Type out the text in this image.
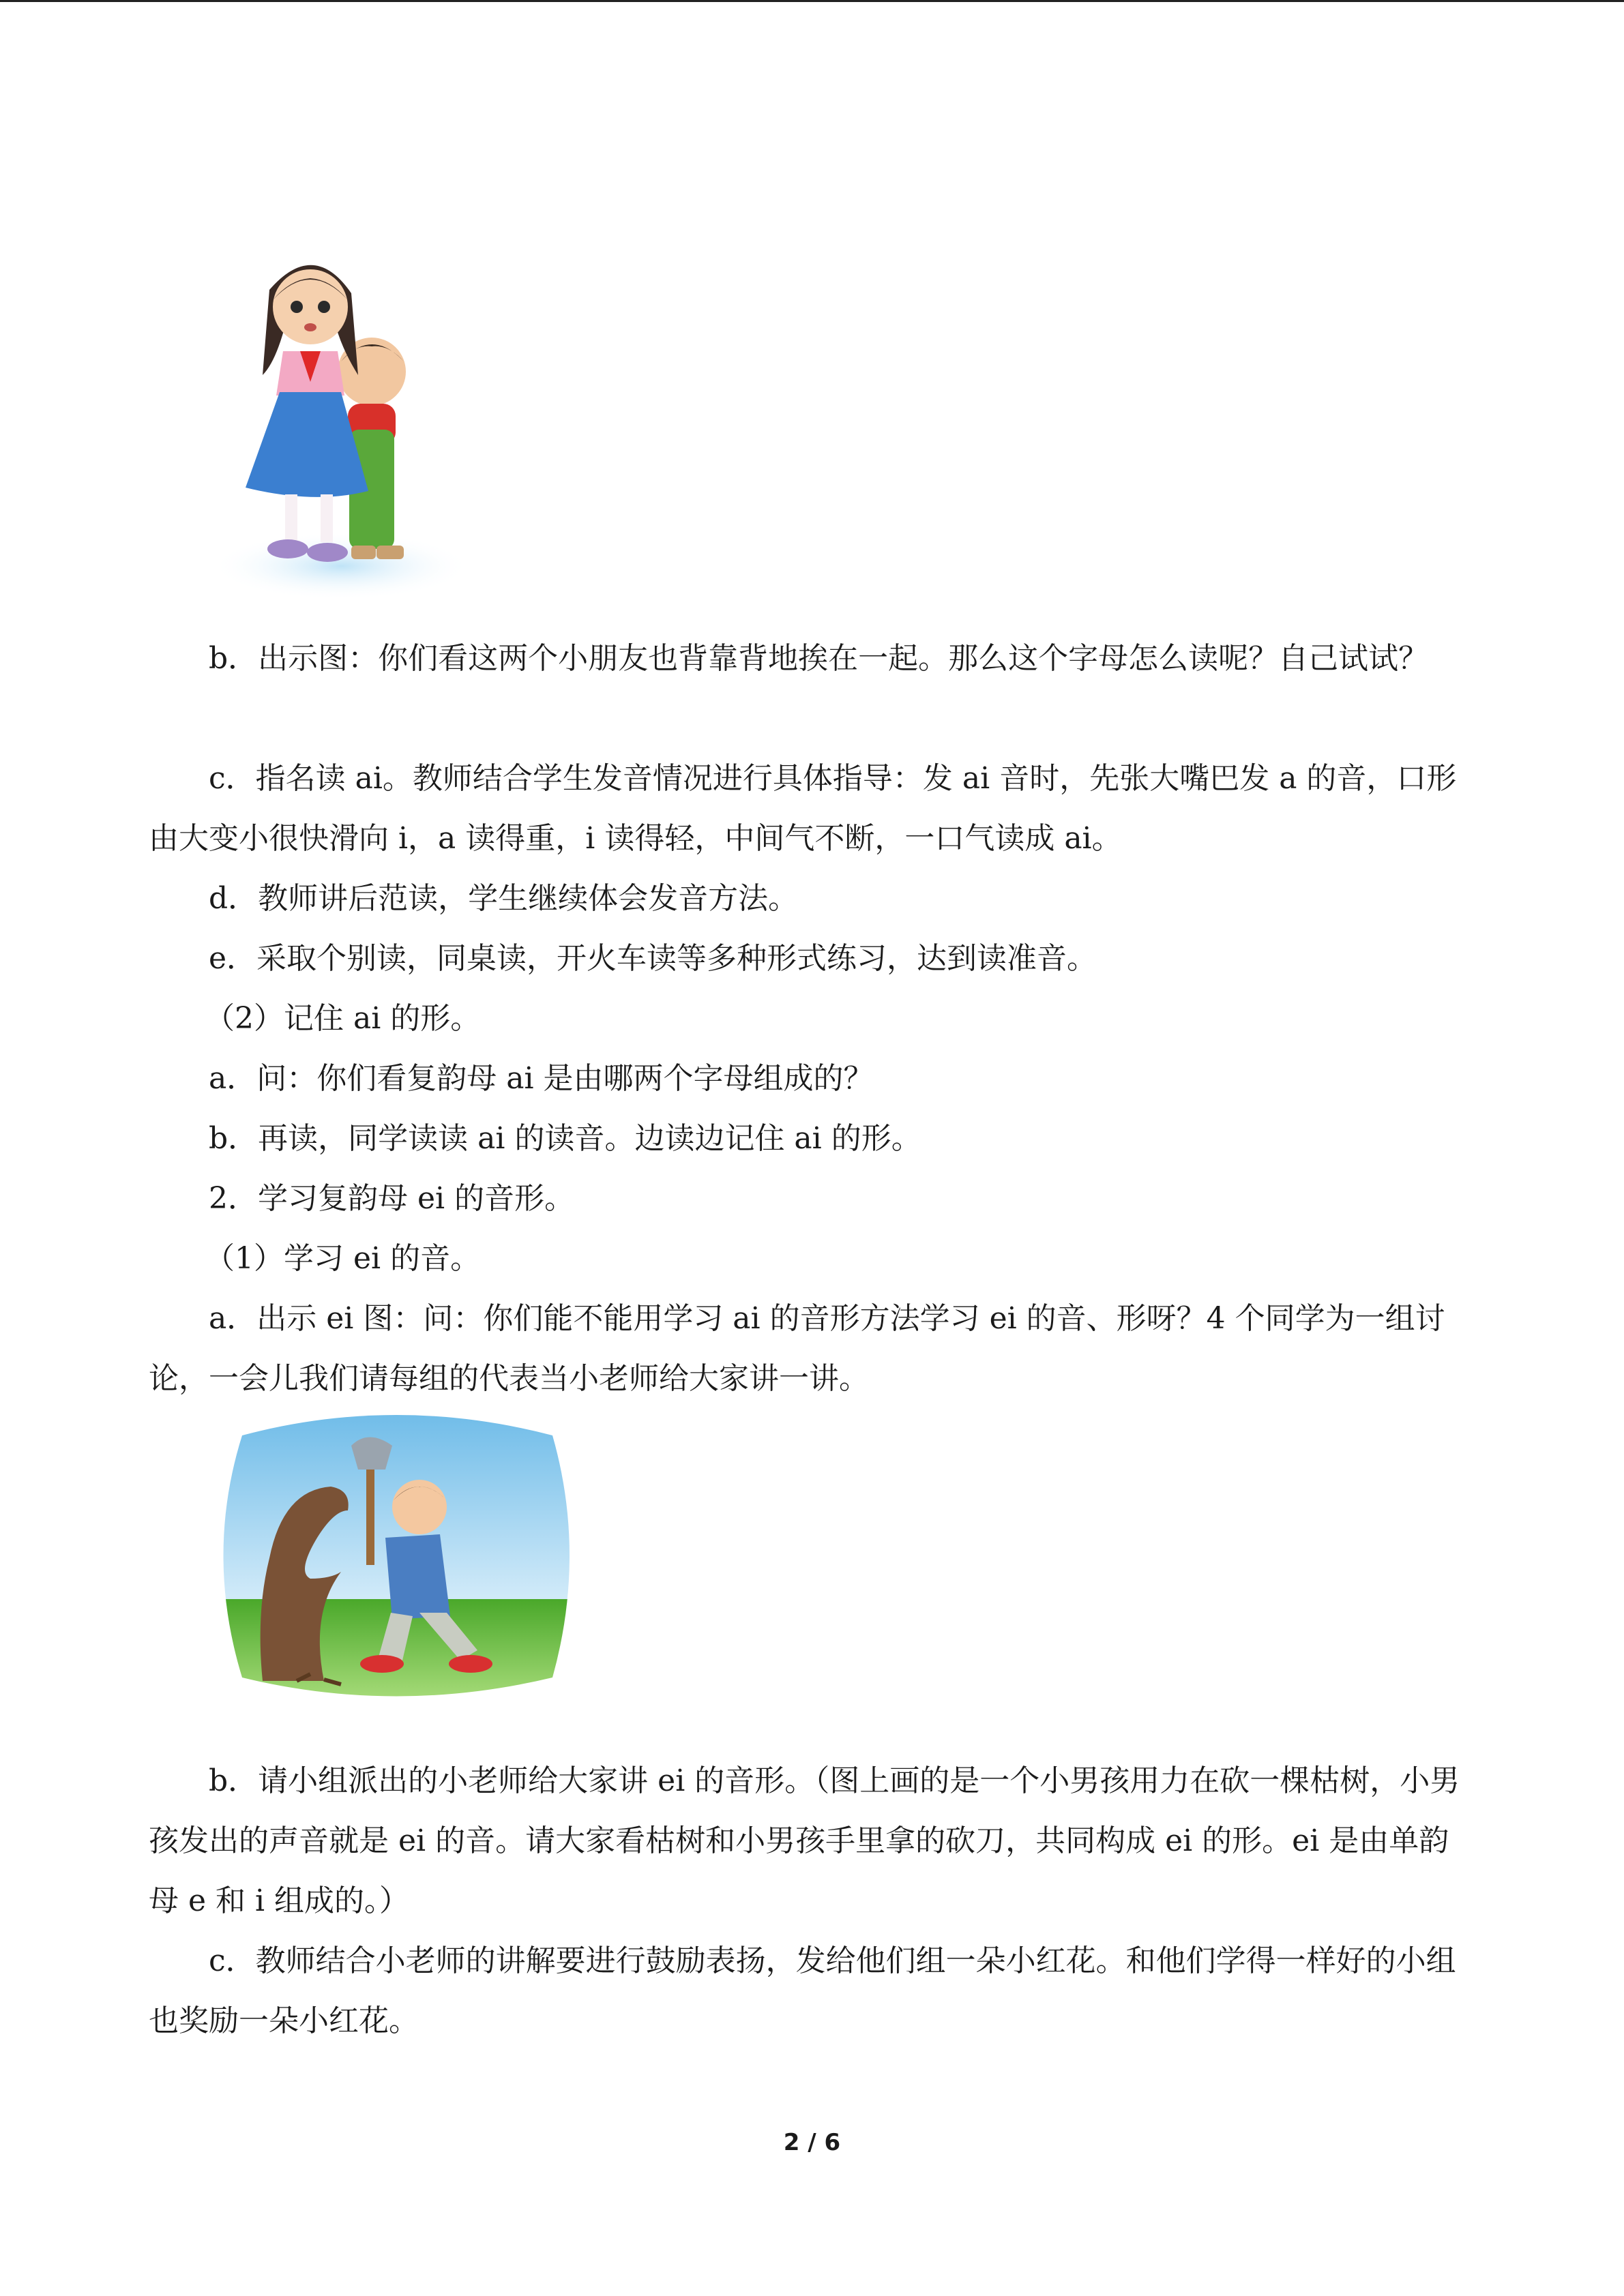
b．出示图：你们看这两个小朋友也背靠背地挨在一起。那么这个字母怎么读呢？自己试试？

c．指名读 ai。教师结合学生发音情况进行具体指导：发 ai 音时，先张大嘴巴发 a 的音，口形由大变小很快滑向 i，a 读得重，i 读得轻，中间气不断，一口气读成 ai。

d．教师讲后范读，学生继续体会发音方法。

e．采取个别读，同桌读，开火车读等多种形式练习，达到读准音。

（2）记住 ai 的形。

a．问：你们看复韵母 ai 是由哪两个字母组成的？

b．再读，同学读读 ai 的读音。边读边记住 ai 的形。

2．学习复韵母 ei 的音形。

（1）学习 ei 的音。

a．出示 ei 图：问：你们能不能用学习 ai 的音形方法学习 ei 的音、形呀？4 个同学为一组讨论，一会儿我们请每组的代表当小老师给大家讲一讲。

b．请小组派出的小老师给大家讲 ei 的音形。（图上画的是一个小男孩用力在砍一棵枯树，小男孩发出的声音就是 ei 的音。请大家看枯树和小男孩手里拿的砍刀，共同构成 ei 的形。ei 是由单韵母 e 和 i 组成的。）

c．教师结合小老师的讲解要进行鼓励表扬，发给他们组一朵小红花。和他们学得一样好的小组也奖励一朵小红花。

2 / 6
